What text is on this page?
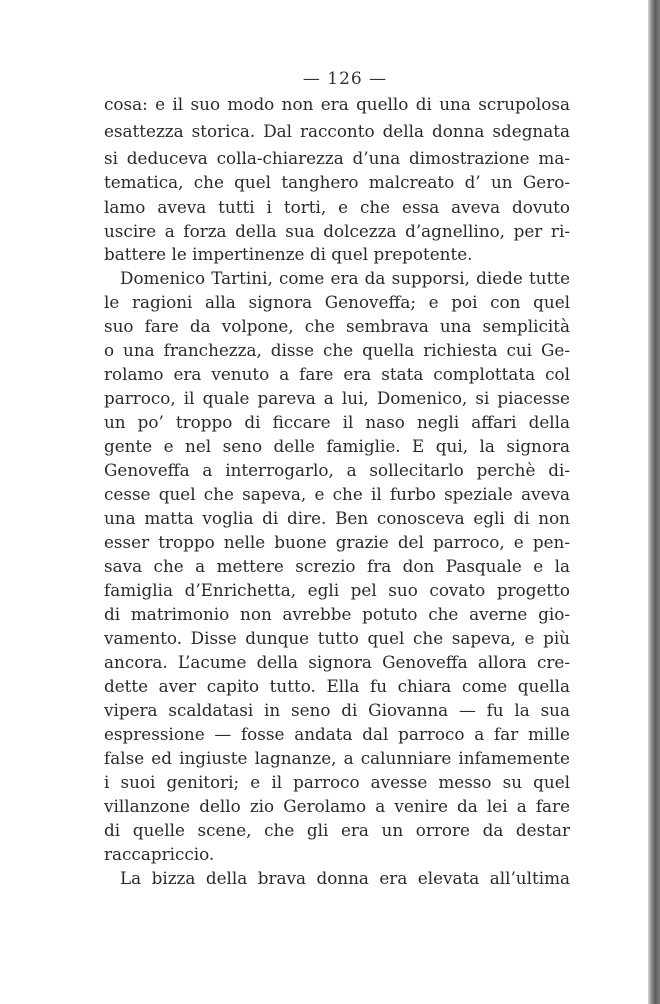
— 126 —
cosa: e il suo modo non era quello di una scrupolosa
esattezza storica. Dal racconto della donna sdegnata
si deduceva colla-chiarezza d’una dimostrazione ma-
tematica, che quel tanghero malcreato d’ un Gero-
lamo aveva tutti i torti, e che essa aveva dovuto
uscire a forza della sua dolcezza d’agnellino, per ri-
battere le impertinenze di quel prepotente.
Domenico Tartini, come era da supporsi, diede tutte
le ragioni alla signora Genoveffa; e poi con quel
suo fare da volpone, che sembrava una semplicità
o una franchezza, disse che quella richiesta cui Ge-
rolamo era venuto a fare era stata complottata col
parroco, il quale pareva a lui, Domenico, si piacesse
un po’ troppo di ficcare il naso negli affari della
gente e nel seno delle famiglie. E qui, la signora
Genoveffa a interrogarlo, a sollecitarlo perchè di-
cesse quel che sapeva, e che il furbo speziale aveva
una matta voglia di dire. Ben conosceva egli di non
esser troppo nelle buone grazie del parroco, e pen-
sava che a mettere screzio fra don Pasquale e la
famiglia d’Enrichetta, egli pel suo covato progetto
di matrimonio non avrebbe potuto che averne gio-
vamento. Disse dunque tutto quel che sapeva, e più
ancora. L’acume della signora Genoveffa allora cre-
dette aver capito tutto. Ella fu chiara come quella
vipera scaldatasi in seno di Giovanna — fu la sua
espressione — fosse andata dal parroco a far mille
false ed ingiuste lagnanze, a calunniare infamemente
i suoi genitori; e il parroco avesse messo su quel
villanzone dello zio Gerolamo a venire da lei a fare
di quelle scene, che gli era un orrore da destar
raccapriccio.
La bizza della brava donna era elevata all’ultima
